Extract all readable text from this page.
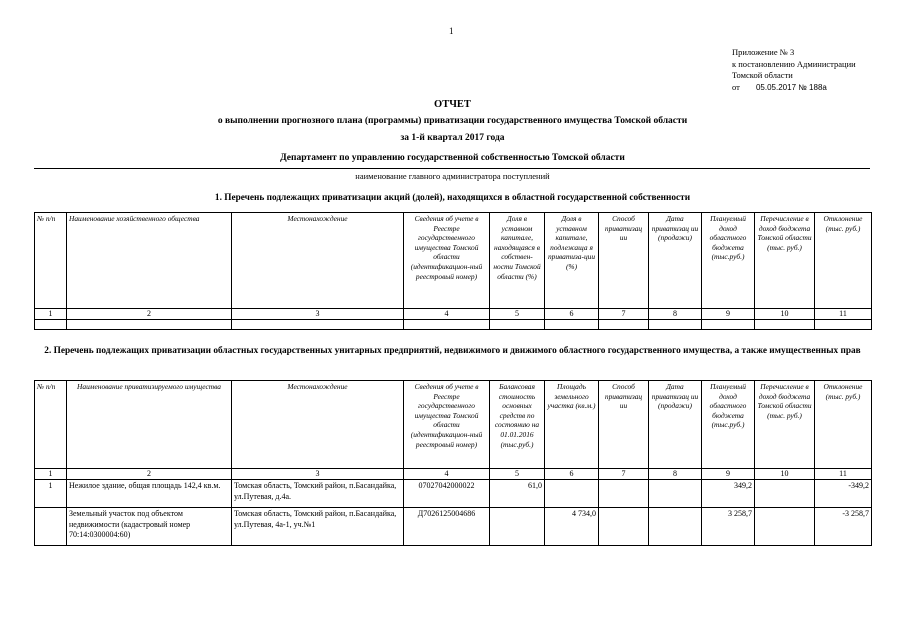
1
Приложение № 3
к постановлению Администрации
Томской области
от 05.05.2017 № 188а
ОТЧЕТ
о выполнении прогнозного плана (программы) приватизации государственного имущества Томской области
за 1-й квартал 2017 года
Департамент по управлению государственной собственностью Томской области
наименование главного администратора поступлений
1. Перечень подлежащих приватизации акций (долей), находящихся в областной государственной собственности
№ п/п	Наименование хозяйственного общества	Местонахождение	Сведения об учете в Реестре государственного имущества Томской области (идентификацион-ный реестровый номер)	Доля в уставном капитале, находящаяся в собствен-ности Томской области (%)	Доля в уставном капитале, подлежаща я приватиза-ции (%)	Способ приватизац ии	Дата приватизац ии (продажи)	Плануемый доход областного бюджета (тыс.руб.)	Перечисление в доход бюджета Томской области (тыс. руб.)	Отклонение (тыс. руб.)
1	2	3	4	5	6	7	8	9	10	11

2. Перечень подлежащих приватизации областных государственных унитарных предприятий, недвижимого и движимого областного государственного имущества, а также имущественных прав
№ п/п	Наименование приватизируемого имущества	Местонахождение	Сведения об учете в Реестре государственного имущества Томской области (идентификацион-ный реестровый номер)	Балансовая стоимость основных средств по состоянию на 01.01.2016 (тыс.руб.)	Площадь земельного участка (кв.м.)	Способ приватизац ии	Дата приватизац ии (продажи)	Плануемый доход областного бюджета (тыс.руб.)	Перечисление в доход бюджета Томской области (тыс. руб.)	Отклонение (тыс. руб.)
1	2	3	4	5	6	7	8	9	10	11
1	Нежилое здание, общая площадь 142,4 кв.м.	Томская область, Томский район, п.Басандайка, ул.Путевая, д.4а.	07027042000022	61,0				349,2		-349,2
	Земельный участок под объектом недвижимости (кадастровый номер 70:14:0300004:60)	Томская область, Томский район, п.Басандайка, ул.Путевая, 4а-1, уч.№1	Д7026125004686		4 734,0			3 258,7		-3 258,7
